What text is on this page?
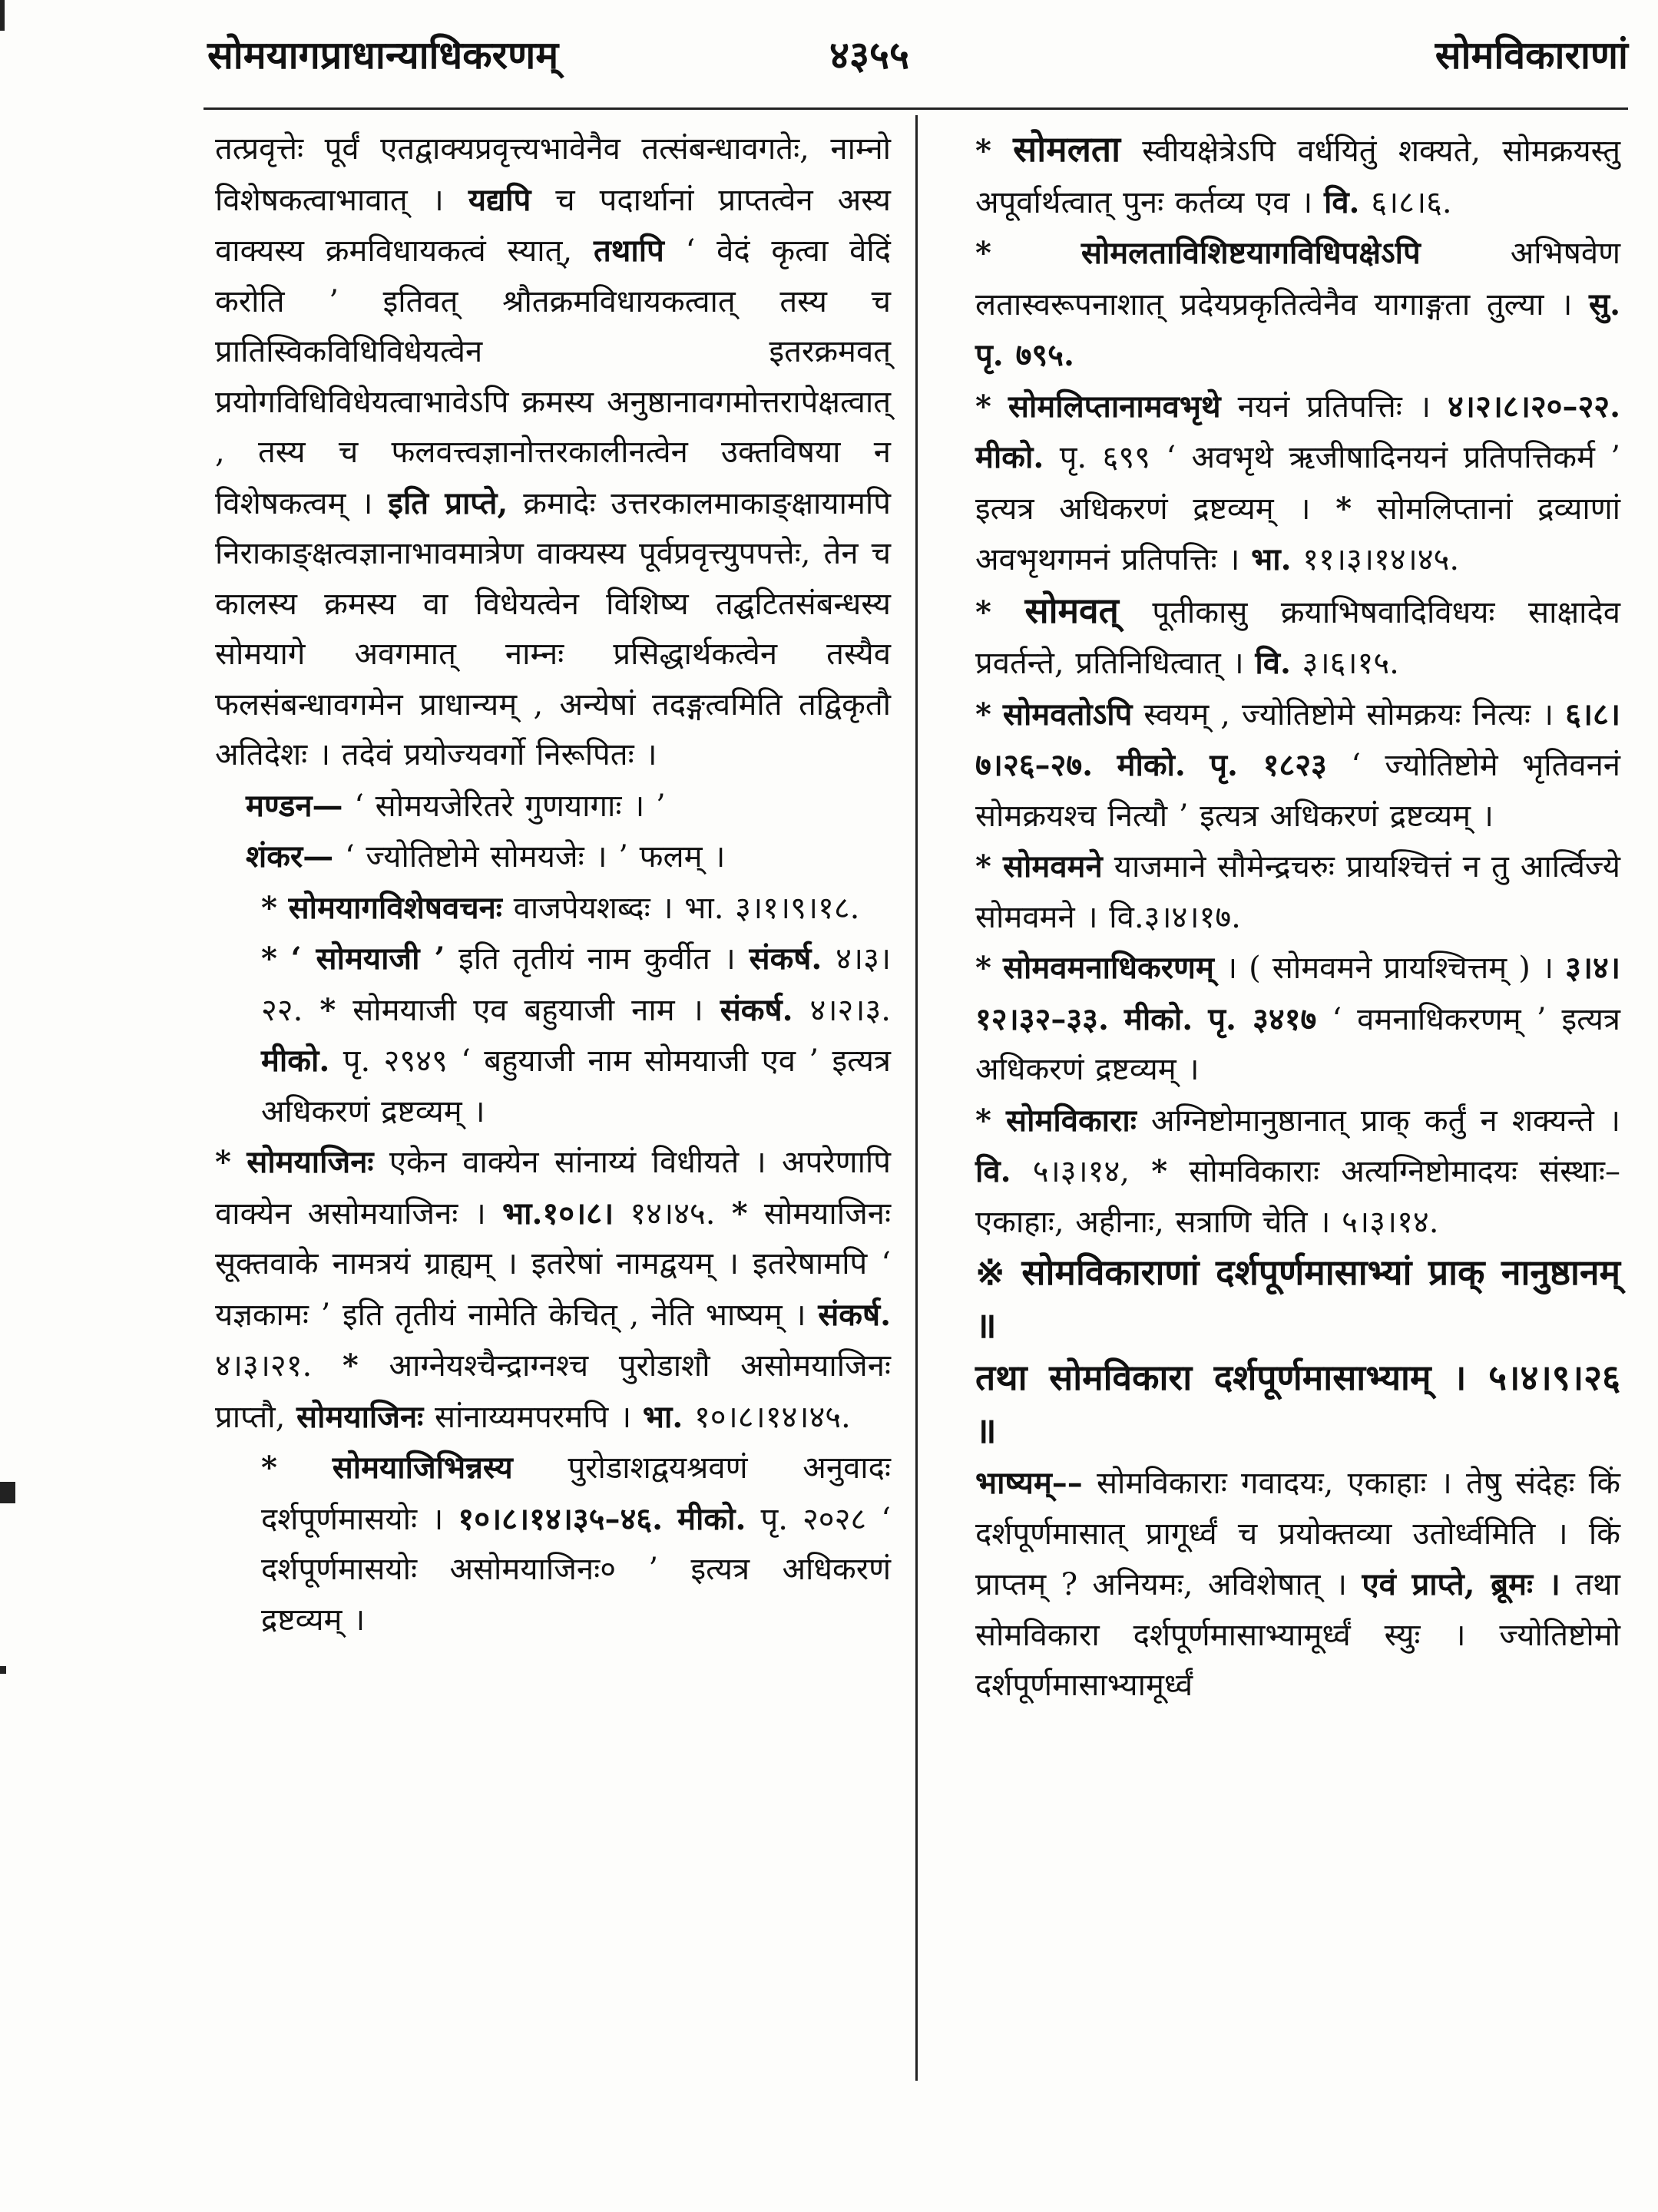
सोमयागप्राधान्याधिकरणम्	४३५५	सोमविकाराणां

तत्प्रवृत्तेः पूर्वं एतद्वाक्यप्रवृत्त्यभावेनैव तत्संबन्धावगतेः, नाम्नो विशेषकत्वाभावात् । यद्यपि च पदार्थानां प्राप्तत्वेन अस्य वाक्यस्य क्रमविधायकत्वं स्यात्, तथापि ‘ वेदं कृत्वा वेदिं करोति ’ इतिवत् श्रौतक्रमविधायकत्वात् तस्य च प्रातिस्विकविधिविधेयत्वेन इतरक्रमवत् प्रयोगविधिविधेयत्वाभावेऽपि क्रमस्य अनुष्ठानावगमोत्तरापेक्षत्वात् , तस्य च फलवत्त्वज्ञानोत्तरकालीनत्वेन उक्तविषया न विशेषकत्वम् । इति प्राप्ते, क्रमादेः उत्तरकालमाकाङ्क्षायामपि निराकाङ्क्षत्वज्ञानाभावमात्रेण वाक्यस्य पूर्वप्रवृत्त्युपपत्तेः, तेन च कालस्य क्रमस्य वा विधेयत्वेन विशिष्य तद्घटितसंबन्धस्य सोमयागे अवगमात् नाम्नः प्रसिद्धार्थकत्वेन तस्यैव फलसंबन्धावगमेन प्राधान्यम् , अन्येषां तदङ्गत्वमिति तद्विकृतौ अतिदेशः । तदेवं प्रयोज्यवर्गो निरूपितः ।

मण्डन— ‘ सोमयजेरितरे गुणयागाः । ’

शंकर— ‘ ज्योतिष्टोमे सोमयजेः । ’ फलम् ।

* सोमयागविशेषवचनः वाजपेयशब्दः । भा. ३।१।९।१८.

* ‘ सोमयाजी ’ इति तृतीयं नाम कुर्वीत । संकर्ष. ४।३।२२. * सोमयाजी एव बहुयाजी नाम । संकर्ष. ४।२।३. मीको. पृ. २९४९ ‘ बहुयाजी नाम सोमयाजी एव ’ इत्यत्र अधिकरणं द्रष्टव्यम् ।

* सोमयाजिनः एकेन वाक्येन सांनाय्यं विधीयते । अपरेणापि वाक्येन असोमयाजिनः । भा.१०।८। १४।४५. * सोमयाजिनः सूक्तवाके नामत्रयं ग्राह्यम् । इतरेषां नामद्वयम् । इतरेषामपि ‘ यज्ञकामः ’ इति तृतीयं नामेति केचित् , नेति भाष्यम् । संकर्ष. ४।३।२१. * आग्नेयश्चैन्द्राग्नश्च पुरोडाशौ असोमयाजिनः प्राप्तौ, सोमयाजिनः सांनाय्यमपरमपि । भा. १०।८।१४।४५.

* सोमयाजिभिन्नस्य पुरोडाशद्वयश्रवणं अनुवादः दर्शपूर्णमासयोः । १०।८।१४।३५–४६. मीको. पृ. २०२८ ‘ दर्शपूर्णमासयोः असोमयाजिनः० ’ इत्यत्र अधिकरणं द्रष्टव्यम् ।

* सोमलता स्वीयक्षेत्रेऽपि वर्धयितुं शक्यते, सोमक्रयस्तु अपूर्वार्थत्वात् पुनः कर्तव्य एव । वि. ६।८।६.

*	सोमलताविशिष्टयागविधिपक्षेऽपि	अभिषवेण लतास्वरूपनाशात् प्रदेयप्रकृतित्वेनैव यागाङ्गता तुल्या । सु. पृ. ७९५.

* सोमलिप्तानामवभृथे नयनं प्रतिपत्तिः । ४।२।८।२०–२२. मीको. पृ. ६९९ ‘ अवभृथे ऋजीषादिनयनं प्रतिपत्तिकर्म ’ इत्यत्र अधिकरणं द्रष्टव्यम् । * सोमलिप्तानां द्रव्याणां अवभृथगमनं प्रतिपत्तिः । भा. ११।३।१४।४५.

* सोमवत् पूतीकासु क्रयाभिषवादिविधयः साक्षादेव प्रवर्तन्ते, प्रतिनिधित्वात् । वि. ३।६।१५.

* सोमवतोऽपि स्वयम् , ज्योतिष्टोमे सोमक्रयः नित्यः । ६।८।७।२६–२७. मीको. पृ. १८२३ ‘ ज्योतिष्टोमे भृतिवननं सोमक्रयश्च नित्यौ ’ इत्यत्र अधिकरणं द्रष्टव्यम् ।

* सोमवमने याजमाने सौमेन्द्रचरुः प्रायश्चित्तं न तु आर्त्विज्ये सोमवमने । वि.३।४।१७.

* सोमवमनाधिकरणम् । ( सोमवमने प्रायश्चित्तम् ) । ३।४।१२।३२–३३. मीको. पृ. ३४१७ ‘ वमनाधिकरणम् ’ इत्यत्र अधिकरणं द्रष्टव्यम् ।

* सोमविकाराः अग्निष्टोमानुष्ठानात् प्राक् कर्तुं न शक्यन्ते । वि. ५।३।१४, * सोमविकाराः अत्यग्निष्टोमादयः संस्थाः– एकाहाः, अहीनाः, सत्राणि चेति । ५।३।१४.

※ सोमविकाराणां दर्शपूर्णमासाभ्यां प्राक् नानुष्ठानम् ॥

तथा सोमविकारा दर्शपूर्णमासाभ्याम् । ५।४।९।२६ ॥

भाष्यम्–– सोमविकाराः गवादयः, एकाहाः । तेषु संदेहः किं दर्शपूर्णमासात् प्रागूर्ध्वं च प्रयोक्तव्या उतोर्ध्वमिति । किं प्राप्तम् ? अनियमः, अविशेषात् । एवं प्राप्ते, ब्रूमः । तथा सोमविकारा दर्शपूर्णमासाभ्यामूर्ध्वं स्युः । ज्योतिष्टोमो दर्शपूर्णमासाभ्यामूर्ध्वं
